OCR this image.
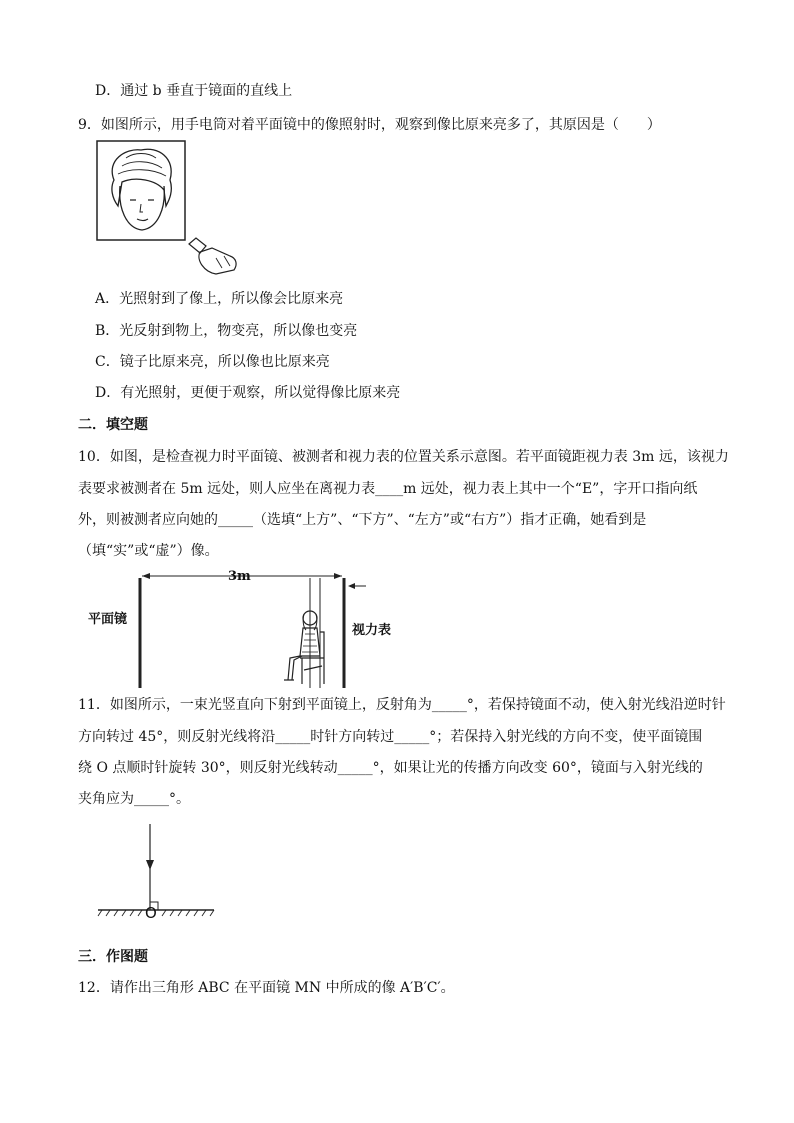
D．通过 b 垂直于镜面的直线上
9．如图所示，用手电筒对着平面镜中的像照射时，观察到像比原来亮多了，其原因是（　　）
A．光照射到了像上，所以像会比原来亮
B．光反射到物上，物变亮，所以像也变亮
C．镜子比原来亮，所以像也比原来亮
D．有光照射，更便于观察，所以觉得像比原来亮
二．填空题
10．如图，是检查视力时平面镜、被测者和视力表的位置关系示意图。若平面镜距视力表 3m 远，该视力
表要求被测者在 5m 远处，则人应坐在离视力表____m 远处，视力表上其中一个“E”，字开口指向纸
外，则被测者应向她的_____（选填“上方”、“下方”、“左方”或“右方”）指才正确，她看到是
（填“实”或“虚”）像。
平面镜
3m
视力表
11．如图所示，一束光竖直向下射到平面镜上，反射角为_____°，若保持镜面不动，使入射光线沿逆时针
方向转过 45°，则反射光线将沿_____时针方向转过_____°；若保持入射光线的方向不变，使平面镜围
绕 O 点顺时针旋转 30°，则反射光线转动_____°，如果让光的传播方向改变 60°，镜面与入射光线的
夹角应为_____°。
O
三．作图题
12．请作出三角形 ABC 在平面镜 MN 中所成的像 A′B′C′。
